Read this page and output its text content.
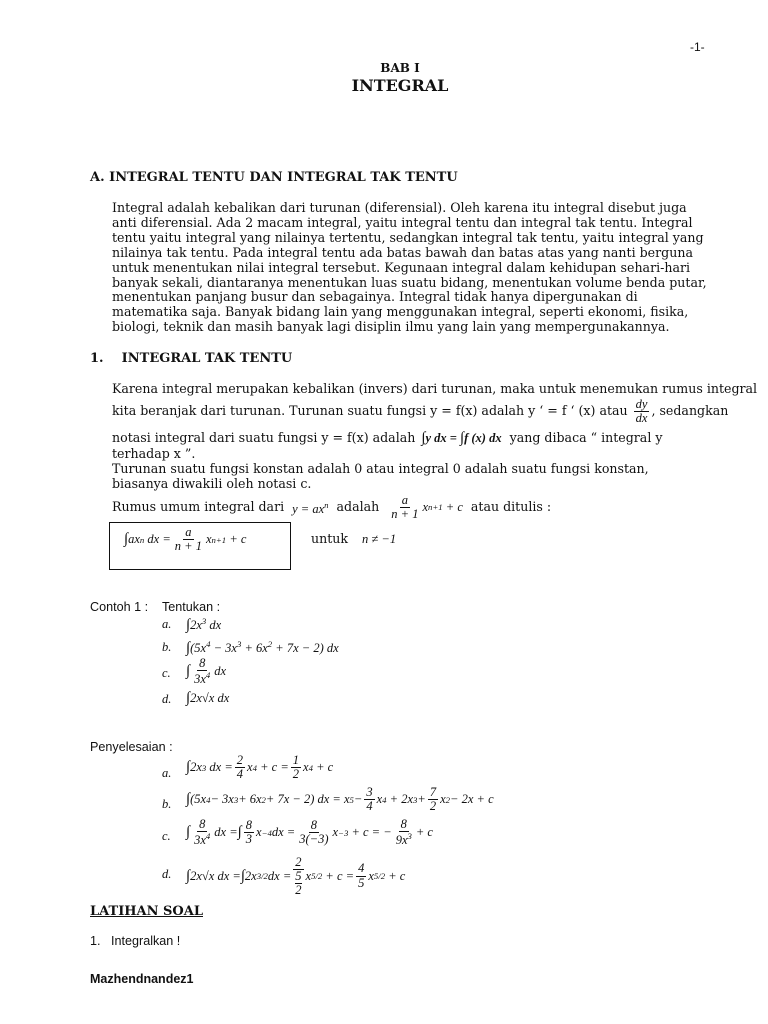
-1-
BAB I
INTEGRAL
A. INTEGRAL TENTU DAN INTEGRAL TAK TENTU
Integral adalah kebalikan dari turunan (diferensial). Oleh karena itu integral disebut juga anti diferensial. Ada 2 macam integral, yaitu integral tentu dan integral tak tentu. Integral tentu yaitu integral yang nilainya tertentu, sedangkan integral tak tentu, yaitu integral yang nilainya tak tentu. Pada integral tentu ada batas bawah dan batas atas yang nanti berguna untuk menentukan nilai integral tersebut. Kegunaan integral dalam kehidupan sehari-hari banyak sekali, diantaranya menentukan luas suatu bidang, menentukan volume benda putar, menentukan panjang busur dan sebagainya. Integral tidak hanya dipergunakan di matematika saja. Banyak bidang lain yang menggunakan integral, seperti ekonomi, fisika, biologi, teknik dan masih banyak lagi disiplin ilmu yang lain yang mempergunakannya.
1.    INTEGRAL TAK TENTU
Karena integral merupakan kebalikan (invers) dari turunan, maka untuk menemukan rumus integral
kita beranjak dari turunan. Turunan suatu fungsi y = f(x) adalah y ‘ = f ‘ (x) atau $\frac{dy}{dx}$ , sedangkan
notasi integral dari suatu fungsi y = f(x) adalah ∫y dx = ∫f (x) dx yang dibaca “ integral y
terhadap x ”.
Turunan suatu fungsi konstan adalah 0 atau integral 0 adalah suatu fungsi konstan, biasanya diwakili oleh notasi c.
Rumus umum integral dari $y = ax^n$ adalah $\frac{a}{n + 1}$ x n+1 + c atau ditulis :
∫ ax n dx = $\frac{a}{n + 1}$ x n+1 + c	untuk n ≠ −1
Contoh 1 : Tentukan :
a. $\int 2x^3$ dx
b. $\int(5x^4 - 3x^3 + 6x^2 + 7x - 2)$ dx
c. ∫ $\frac{8}{3x^4}$ dx
d. ∫2x√x dx
Penyelesaian :
a. ∫ 2x 3 dx = $\frac{2}{4}$ x $4 + c = \frac{1}{2}$ x 4 + c
b. ∫ (5x 4 − 3x 3 + 6x 2 + 7x − 2) dx = x $5 - \frac{3}{4}$ x 4 + 2x $3 + \frac{7}{2}$ x 2 − 2x + c
c. ∫ $\frac{8}{3x^4}$ dx = ∫ $\frac{8}{3}$ x −4 dx = $\frac{8}{3(-3)}$ x −3 + c = − $\frac{8}{9x^3} + c$
d. ∫ 2x√x dx = ∫ 2x 3/2 dx = $\frac{2}{\frac{5}{2}}$ x $5/2 + c = \frac{4}{5}$ x 5/2 + c
LATIHAN SOAL
1.   Integralkan !
Mazhendnandez1
